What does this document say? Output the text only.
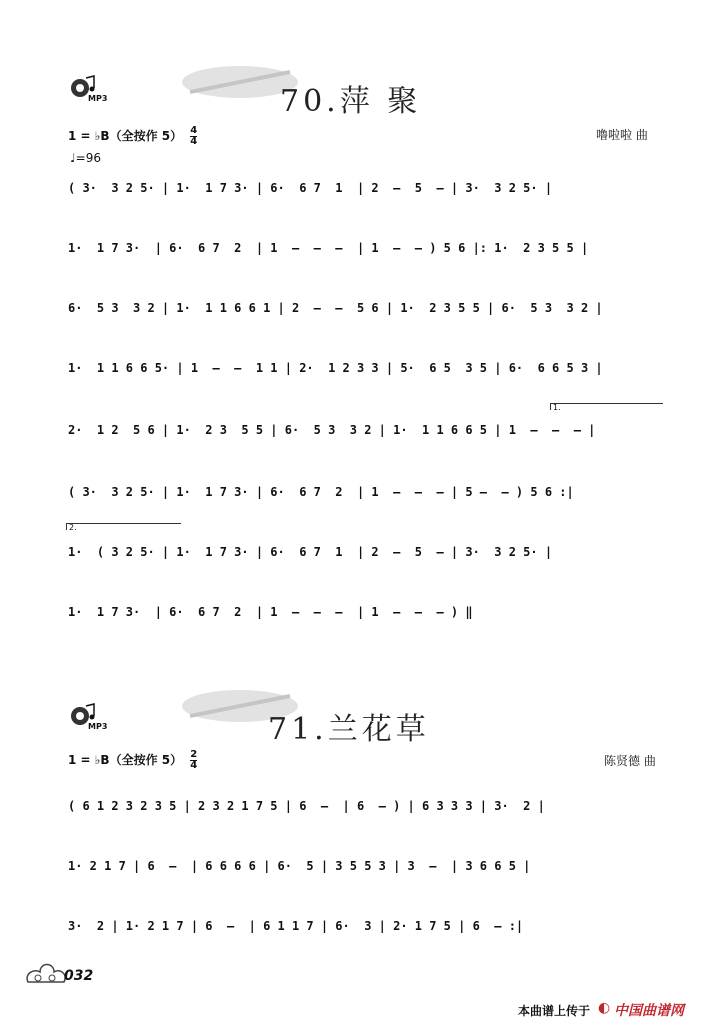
MP3	70.萍 聚
1 = ♭B（全按作 $5) \frac{4}{4}$	噜啦啦 曲
♩=96
( 3·  3 2 5· | 1·  1 7 3· | 6·  6 7  1  | 2  —  5  — | 3·  3 2 5· |
1·  1 7 3·  | 6·  6 7  2  | 1  —  —  —  | 1  —  — ) 5 6 |: 1·  2 3 5 5 |
6·  5 3  3 2 | 1·  1 1 6 6 1 | 2  —  —  5 6 | 1·  2 3 5 5 | 6·  5 3  3 2 |
1·  1 1 6 6 5· | 1  —  —  1 1 | 2·  1 2 3 3 | 5·  6 5  3 5 | 6·  6 6 5 3 |
1.
2·  1 2  5 6 | 1·  2 3  5 5 | 6·  5 3  3 2 | 1·  1 1 6 6 5 | 1  —  —  — |
( 3·  3 2 5· | 1·  1 7 3· | 6·  6 7  2  | 1  —  —  — | 5 —  — ) 5 6 :|
2.
1·  ( 3 2 5· | 1·  1 7 3· | 6·  6 7  1  | 2  —  5  — | 3·  3 2 5· |
1·  1 7 3·  | 6·  6 7  2  | 1  —  —  —  | 1  —  —  — ) ‖
MP3	71.兰花草
1 = ♭B（全按作 $5) \frac{2}{4}$	陈贤德 曲
( 6 1 2 3 2 3 5 | 2 3 2 1 7 5 | 6  —  | 6  — ) | 6 3 3 3 | 3·  2 |
1· 2 1 7 | 6  —  | 6 6 6 6 | 6·  5 | 3 5 5 3 | 3  —  | 3 6 6 5 |
3·  2 | 1· 2 1 7 | 6  —  | 6 1 1 7 | 6·  3 | 2· 1 7 5 | 6  — :|
032
本曲谱上传于 ◐ 中国曲谱网
